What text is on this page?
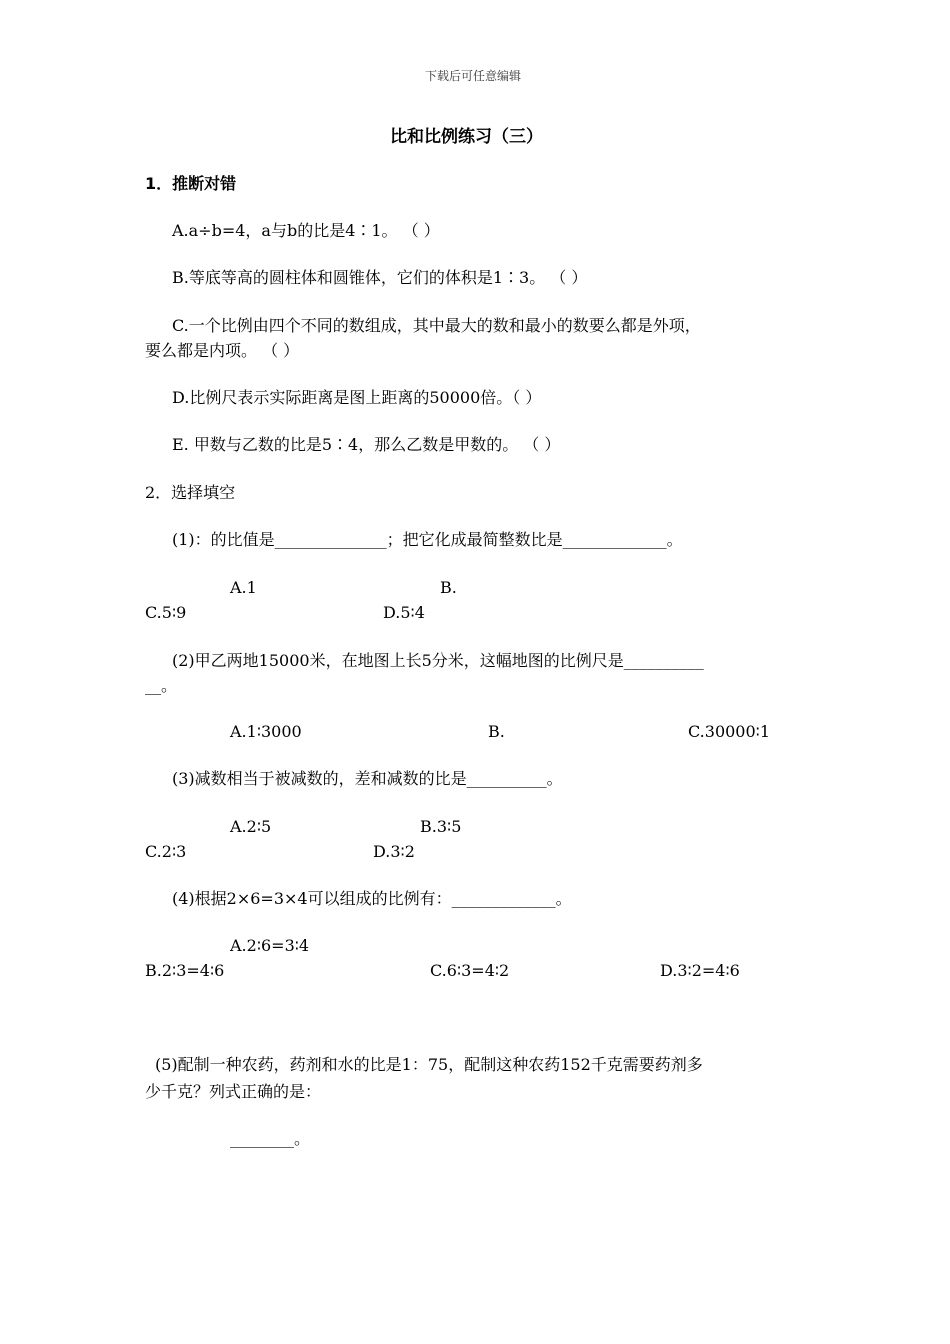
下载后可任意编辑
比和比例练习（三）
1．推断对错
A.a÷b=4，a与b的比是4∶1。 （ ）
B.等底等高的圆柱体和圆锥体，它们的体积是1∶3。 （ ）
C.一个比例由四个不同的数组成，其中最大的数和最小的数要么都是外项，
要么都是内项。 （ ）
D.比例尺表示实际距离是图上距离的50000倍。（ ）
E. 甲数与乙数的比是5∶4，那么乙数是甲数的。 （ ）
2．选择填空
(1)：的比值是______________；把它化成最简整数比是_____________。
A.1	B.
C.5∶9	D.5∶4
(2)甲乙两地15000米，在地图上长5分米，这幅地图的比例尺是__________
__。
A.1∶3000	B.	C.30000∶1
(3)减数相当于被减数的，差和减数的比是__________。
A.2∶5	B.3∶5
C.2∶3	D.3∶2
(4)根据2×6=3×4可以组成的比例有：_____________。
A.2∶6=3∶4
B.2∶3=4∶6	C.6∶3=4∶2	D.3∶2=4∶6
(5)配制一种农药，药剂和水的比是1：75，配制这种农药152千克需要药剂多
少千克？列式正确的是：
________。
